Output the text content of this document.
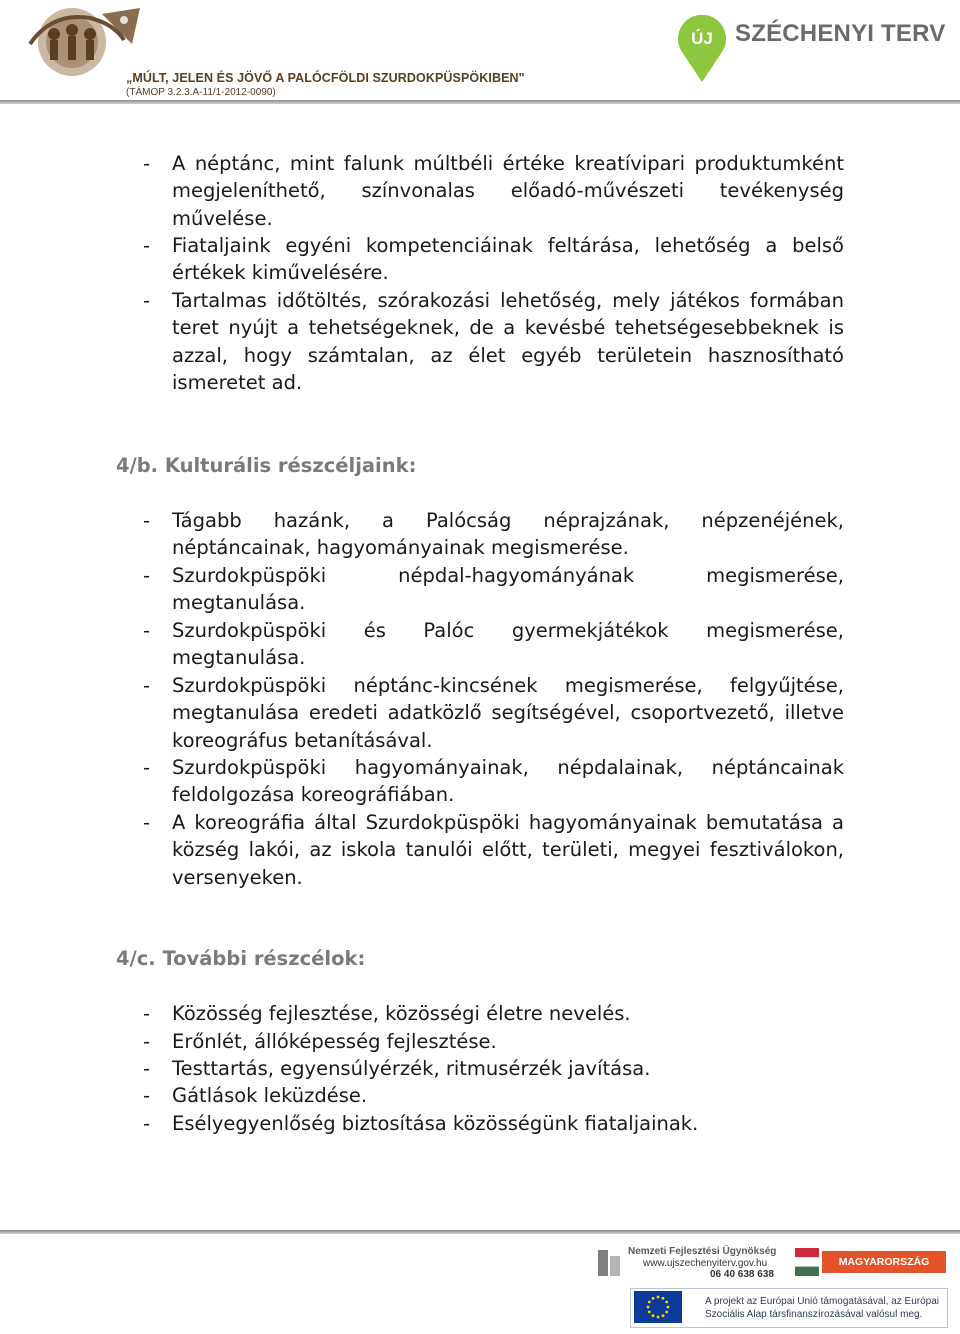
„MÚLT, JELEN ÉS JÖVŐ A PALÓCFÖLDI SZURDOKPÜSPÖKIBEN"
(TÁMOP 3.2.3.A-11/1-2012-0090)
ÚJ SZÉCHENYI TERV
- A néptánc, mint falunk múltbéli értéke kreatívipari produktumként megjeleníthető, színvonalas előadó-művészeti tevékenység művelése.
- Fiataljaink egyéni kompetenciáinak feltárása, lehetőség a belső értékek kiművelésére.
- Tartalmas időtöltés, szórakozási lehetőség, mely játékos formában teret nyújt a tehetségeknek, de a kevésbé tehetségesebbeknek is azzal, hogy számtalan, az élet egyéb területein hasznosítható ismeretet ad.
4/b. Kulturális részcéljaink:
- Tágabb hazánk, a Palócság néprajzának, népzenéjének, néptáncainak, hagyományainak megismerése.
- Szurdokpüspöki népdal-hagyományának megismerése, megtanulása.
- Szurdokpüspöki és Palóc gyermekjátékok megismerése, megtanulása.
- Szurdokpüspöki néptánc-kincsének megismerése, felgyűjtése, megtanulása eredeti adatközlő segítségével, csoportvezető, illetve koreográfus betanításával.
- Szurdokpüspöki hagyományainak, népdalainak, néptáncainak feldolgozása koreográfiában.
- A koreográfia által Szurdokpüspöki hagyományainak bemutatása a község lakói, az iskola tanulói előtt, területi, megyei fesztiválokon, versenyeken.
4/c. További részcélok:
- Közösség fejlesztése, közösségi életre nevelés.
- Erőnlét, állóképesség fejlesztése.
- Testtartás, egyensúlyérzék, ritmusérzék javítása.
- Gátlások leküzdése.
- Esélyegyenlőség biztosítása közösségünk fiataljainak.
Nemzeti Fejlesztési Ügynökség
www.ujszechenyiterv.gov.hu
06 40 638 638
MAGYARORSZÁG MEGÚJUL
A projekt az Európai Unió támogatásával, az Európai Szociális Alap társfinanszírozásával valósul meg.
